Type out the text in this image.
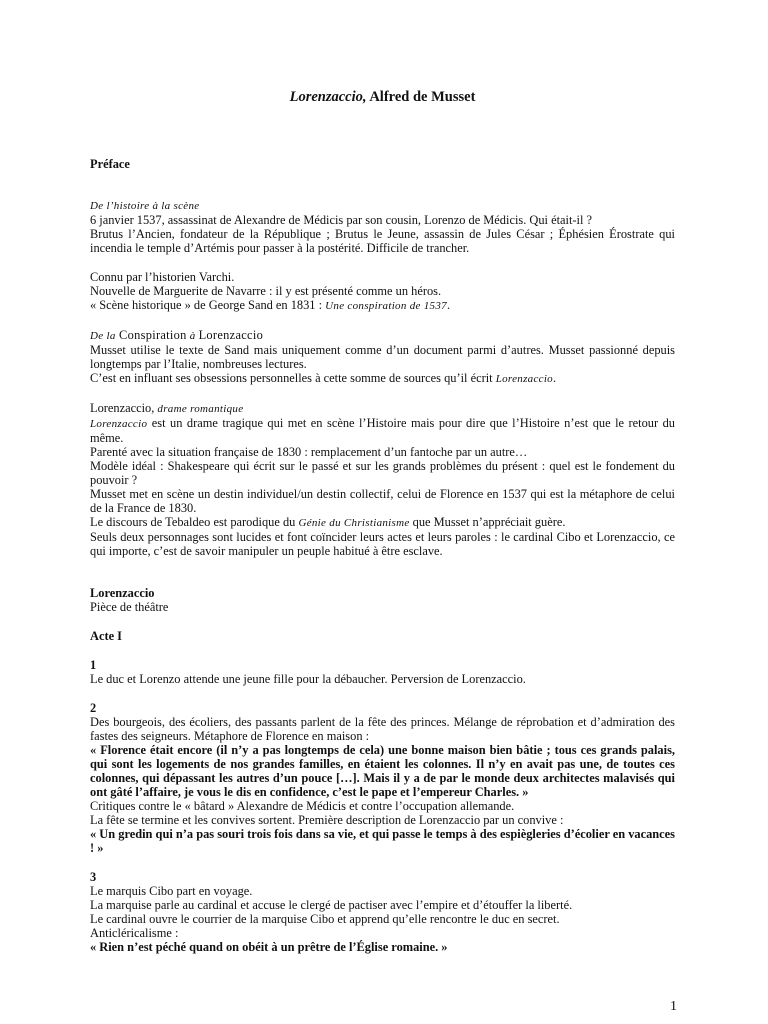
Lorenzaccio, Alfred de Musset

Préface

De l’histoire à la scène

6 janvier 1537, assassinat de Alexandre de Médicis par son cousin, Lorenzo de Médicis. Qui était-il ?

Brutus l’Ancien, fondateur de la République ; Brutus le Jeune, assassin de Jules César ; Éphésien Érostrate qui incendia le temple d’Artémis pour passer à la postérité. Difficile de trancher.

Connu par l’historien Varchi.

Nouvelle de Marguerite de Navarre : il y est présenté comme un héros.

« Scène historique » de George Sand en 1831 : Une conspiration de 1537.

De la Conspiration à Lorenzaccio

Musset utilise le texte de Sand mais uniquement comme d’un document parmi d’autres. Musset passionné depuis longtemps par l’Italie, nombreuses lectures.

C’est en influant ses obsessions personnelles à cette somme de sources qu’il écrit Lorenzaccio.

Lorenzaccio, drame romantique

Lorenzaccio est un drame tragique qui met en scène l’Histoire mais pour dire que l’Histoire n’est que le retour du même.

Parenté avec la situation française de 1830 : remplacement d’un fantoche par un autre…

Modèle idéal : Shakespeare qui écrit sur le passé et sur les grands problèmes du présent : quel est le fondement du pouvoir ?

Musset met en scène un destin individuel/un destin collectif, celui de Florence en 1537 qui est la métaphore de celui de la France de 1830.

Le discours de Tebaldeo est parodique du Génie du Christianisme que Musset n’appréciait guère.

Seuls deux personnages sont lucides et font coïncider leurs actes et leurs paroles : le cardinal Cibo et Lorenzaccio, ce qui importe, c’est de savoir manipuler un peuple habitué à être esclave.

Lorenzaccio

Pièce de théâtre

Acte I

1

Le duc et Lorenzo attende une jeune fille pour la débaucher. Perversion de Lorenzaccio.

2

Des bourgeois, des écoliers, des passants parlent de la fête des princes. Mélange de réprobation et d’admiration des fastes des seigneurs. Métaphore de Florence en maison :

« Florence était encore (il n’y a pas longtemps de cela) une bonne maison bien bâtie ; tous ces grands palais, qui sont les logements de nos grandes familles, en étaient les colonnes. Il n’y en avait pas une, de toutes ces colonnes, qui dépassant les autres d’un pouce […]. Mais il y a de par le monde deux architectes malavisés qui ont gâté l’affaire, je vous le dis en confidence, c’est le pape et l’empereur Charles. »

Critiques contre le « bâtard » Alexandre de Médicis et contre l’occupation allemande.

La fête se termine et les convives sortent. Première description de Lorenzaccio par un convive :

« Un gredin qui n’a pas souri trois fois dans sa vie, et qui passe le temps à des espiègleries d’écolier en vacances ! »

3

Le marquis Cibo part en voyage.

La marquise parle au cardinal et accuse le clergé de pactiser avec l’empire et d’étouffer la liberté.

Le cardinal ouvre le courrier de la marquise Cibo et apprend qu’elle rencontre le duc en secret.

Anticléricalisme :

« Rien n’est péché quand on obéit à un prêtre de l’Église romaine. »

1
